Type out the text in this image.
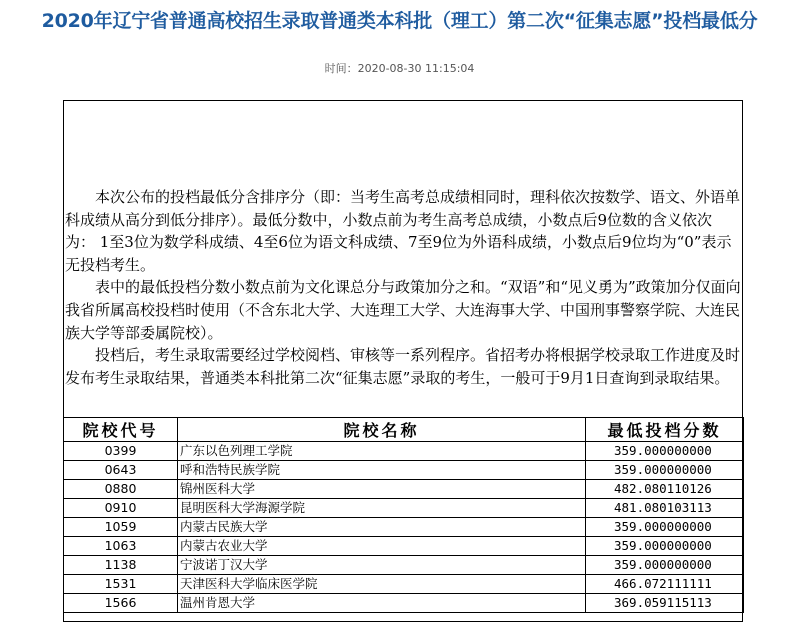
2020年辽宁省普通高校招生录取普通类本科批（理工）第二次“征集志愿”投档最低分
时间：2020-08-30 11:15:04

本次公布的投档最低分含排序分（即：当考生高考总成绩相同时，理科依次按数学、语文、外语单科成绩从高分到低分排序）。最低分数中，小数点前为考生高考总成绩，小数点后9位数的含义依次为： 1至3位为数学科成绩、4至6位为语文科成绩、7至9位为外语科成绩，小数点后9位均为“0”表示无投档考生。

表中的最低投档分数小数点前为文化课总分与政策加分之和。“双语”和“见义勇为”政策加分仅面向我省所属高校投档时使用（不含东北大学、大连理工大学、大连海事大学、中国刑事警察学院、大连民族大学等部委属院校）。

投档后，考生录取需要经过学校阅档、审核等一系列程序。省招考办将根据学校录取工作进度及时发布考生录取结果，普通类本科批第二次“征集志愿”录取的考生，一般可于9月1日查询到录取结果。

院校代号	院校名称	最低投档分数
0399	广东以色列理工学院	359.000000000
0643	呼和浩特民族学院	359.000000000
0880	锦州医科大学	482.080110126
0910	昆明医科大学海源学院	481.080103113
1059	内蒙古民族大学	359.000000000
1063	内蒙古农业大学	359.000000000
1138	宁波诺丁汉大学	359.000000000
1531	天津医科大学临床医学院	466.072111111
1566	温州肯恩大学	369.059115113
